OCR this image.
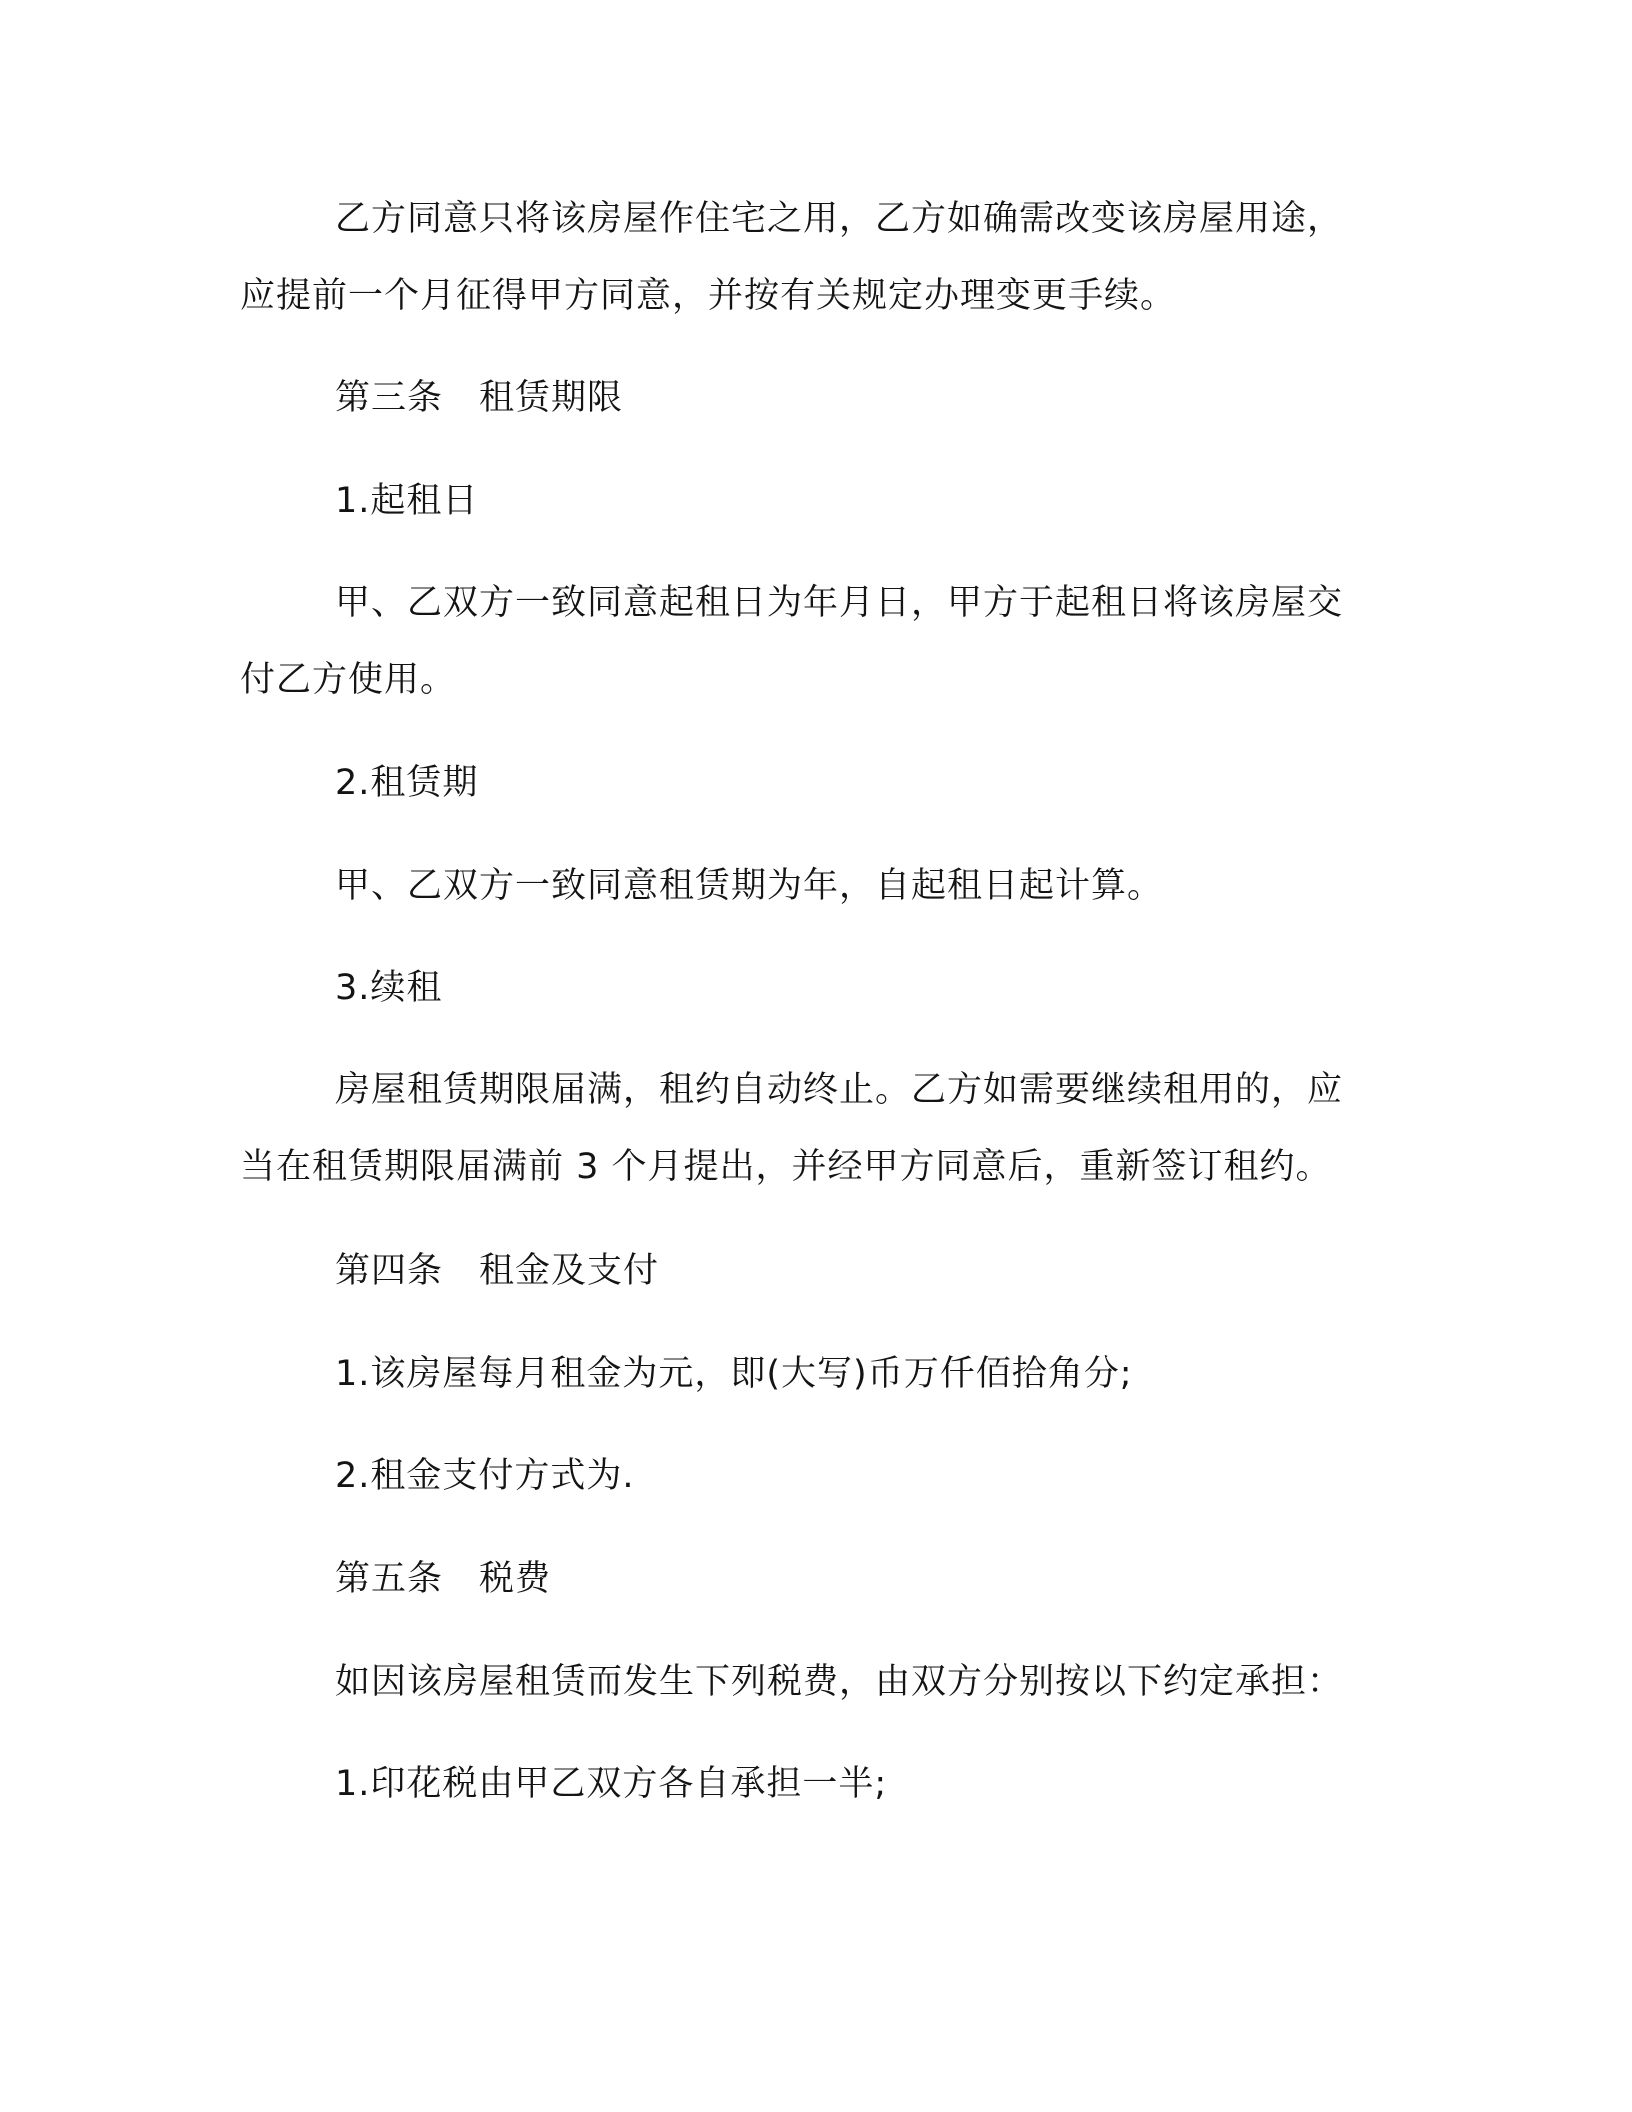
乙方同意只将该房屋作住宅之用，乙方如确需改变该房屋用途，
应提前一个月征得甲方同意，并按有关规定办理变更手续。
第三条 租赁期限
1.起租日
甲、乙双方一致同意起租日为年月日，甲方于起租日将该房屋交
付乙方使用。
2.租赁期
甲、乙双方一致同意租赁期为年，自起租日起计算。
3.续租
房屋租赁期限届满，租约自动终止。乙方如需要继续租用的，应
当在租赁期限届满前 3 个月提出，并经甲方同意后，重新签订租约。
第四条 租金及支付
1.该房屋每月租金为元，即(大写)币万仟佰拾角分;
2.租金支付方式为.
第五条 税费
如因该房屋租赁而发生下列税费，由双方分别按以下约定承担：
1.印花税由甲乙双方各自承担一半;
